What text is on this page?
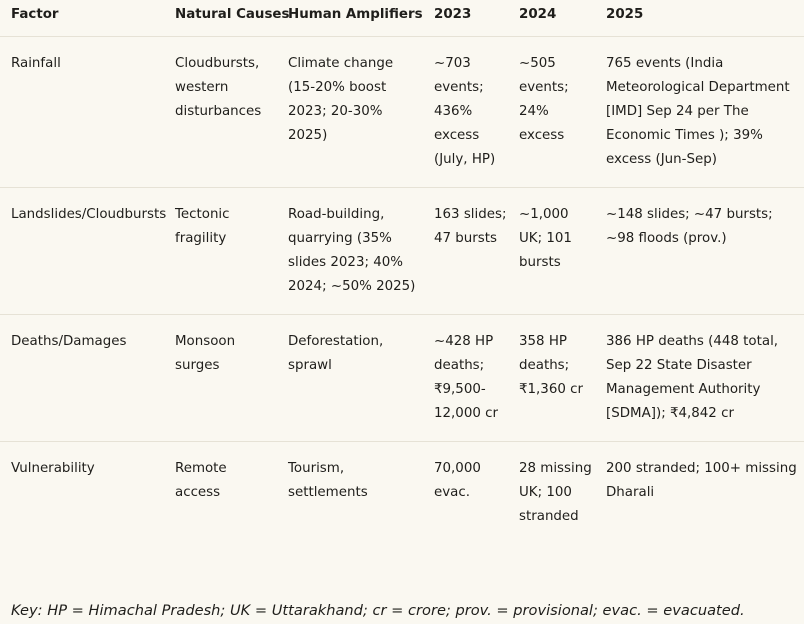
Factor	Natural Causes	Human Amplifiers	2023	2024	2025
Rainfall	Cloudbursts, western disturbances	Climate change (15-20% boost 2023; 20-30% 2025)	~703 events; 436% excess (July, HP)	~505 events; 24% excess	765 events (India Meteorological Department [IMD] Sep 24 per The Economic Times ); 39% excess (Jun-Sep)
Landslides/Cloudbursts	Tectonic fragility	Road-building, quarrying (35% slides 2023; 40% 2024; ~50% 2025)	163 slides; 47 bursts	~1,000 UK; 101 bursts	~148 slides; ~47 bursts; ~98 floods (prov.)
Deaths/Damages	Monsoon surges	Deforestation, sprawl	~428 HP deaths; ₹9,500-12,000 cr	358 HP deaths; ₹1,360 cr	386 HP deaths (448 total, Sep 22 State Disaster Management Authority [SDMA]); ₹4,842 cr
Vulnerability	Remote access	Tourism, settlements	70,000 evac.	28 missing UK; 100 stranded	200 stranded; 100+ missing Dharali
Key: HP = Himachal Pradesh; UK = Uttarakhand; cr = crore; prov. = provisional; evac. = evacuated.
